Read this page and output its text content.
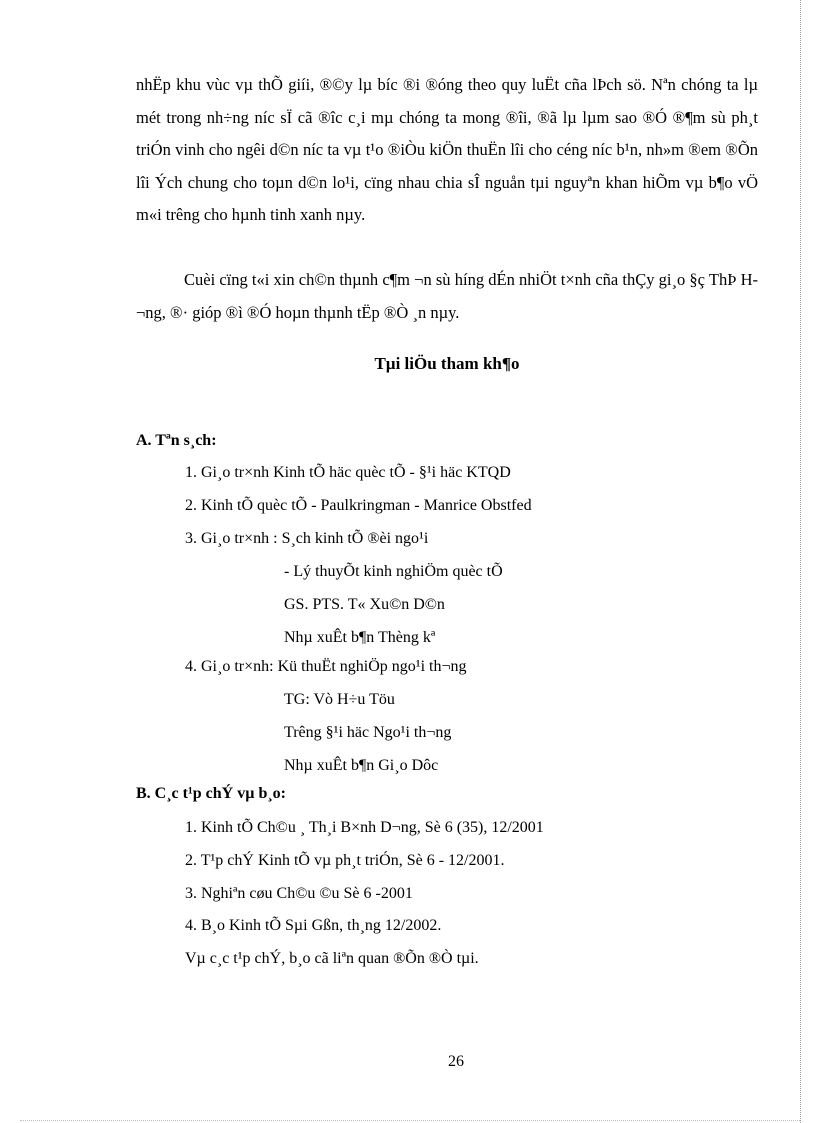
nhËp khu vùc vµ thÕ giíi, ®©y lµ bíc ®i ®óng theo quy luËt cña lÞch sö. Nªn chóng ta lµ mét trong nh÷ng níc sÏ cã ®îc c¸i mµ chóng ta mong ®îi, ®ã lµ lµm sao ®Ó ®¶m sù ph¸t triÓn vinh cho ngêi d©n níc ta vµ t¹o ®iÒu kiÖn thuËn lîi cho céng níc b¹n, nh»m ®em ®Õn lîi Ých chung cho toµn d©n lo¹i, cïng nhau chia sÎ nguån tµi nguyªn khan hiÕm vµ b¶o vÖ m«i trêng cho hµnh tinh xanh nµy.

Cuèi cïng t«i xin ch©n thµnh c¶m ¬n sù híng dÉn nhiÖt t×nh cña thÇy gi¸o §ç ThÞ H¬ng, ®· gióp ®ì ®Ó hoµn thµnh tËp ®Ò ¸n nµy.

Tµi liÖu tham kh¶o

A. Tªn s¸ch:

1. Gi¸o tr×nh Kinh tÕ häc quèc tÕ - §¹i häc KTQD

2. Kinh tÕ quèc tÕ - Paulkringman - Manrice Obstfed

3. Gi¸o tr×nh : S¸ch kinh tÕ ®èi ngo¹i

- Lý thuyÕt kinh nghiÖm quèc tÕ

GS. PTS. T« Xu©n D©n

Nhµ xuÊt b¶n Thèng kª

4. Gi¸o tr×nh: Kü thuËt nghiÖp ngo¹i th¬ng

TG: Vò H÷u Töu

Trêng §¹i häc Ngo¹i th¬ng

Nhµ xuÊt b¶n Gi¸o Dôc

B. C¸c t¹p chÝ vµ b¸o:

1. Kinh tÕ Ch©u ¸ Th¸i B×nh D¬ng, Sè 6 (35), 12/2001

2. T¹p chÝ Kinh tÕ vµ ph¸t triÓn, Sè 6 - 12/2001.

3. Nghiªn cøu Ch©u ©u Sè 6 -2001

4. B¸o Kinh tÕ Sµi Gßn, th¸ng 12/2002.

Vµ c¸c t¹p chÝ, b¸o cã liªn quan ®Õn ®Ò tµi.

26
